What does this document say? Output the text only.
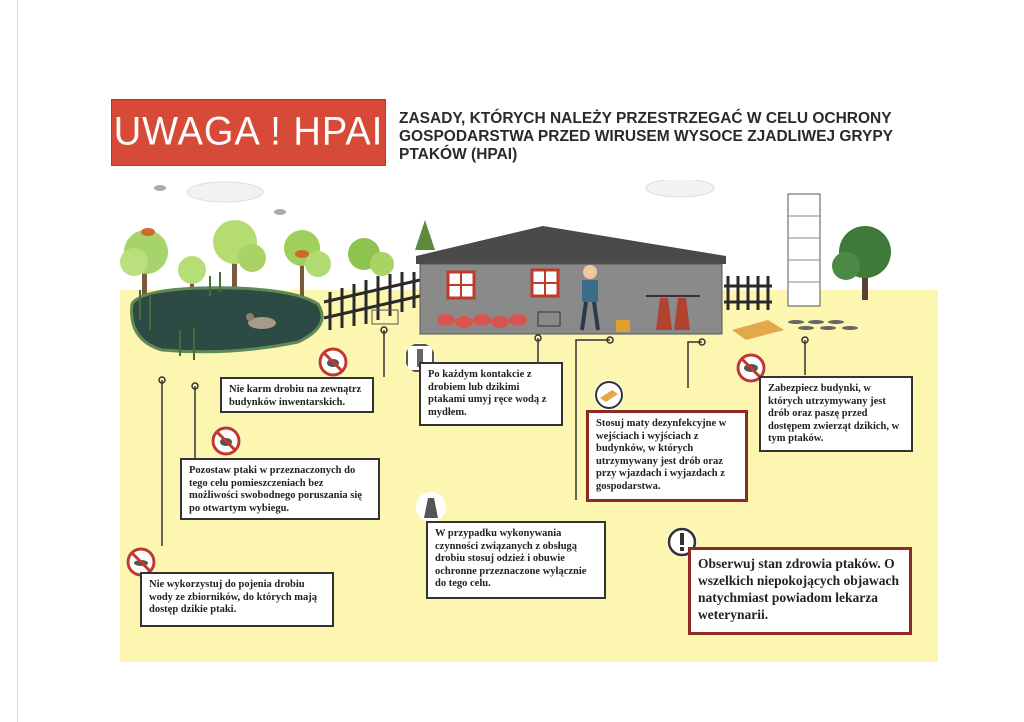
UWAGA ! HPAI ZASADY, KTÓRYCH NALEŻY PRZESTRZEGAĆ W CELU OCHRONY GOSPODARSTWA PRZED WIRUSEM WYSOCE ZJADLIWEJ GRYPY PTAKÓW (HPAI)
Nie karm drobiu na zewnątrz budynków inwentarskich.
Po każdym kontakcie z drobiem lub dzikimi ptakami umyj ręce wodą z mydłem.
Stosuj maty dezynfekcyjne w wejściach i wyjściach z budynków, w których utrzymywany jest drób oraz przy wjazdach i wyjazdach z gospodarstwa.
Zabezpiecz budynki, w których utrzymywany jest drób oraz paszę przed dostępem zwierząt dzikich, w tym ptaków.
Pozostaw ptaki w przeznaczonych do tego celu pomieszczeniach bez możliwości swobodnego poruszania się po otwartym wybiegu.
W przypadku wykonywania czynności związanych z obsługą drobiu stosuj odzież i obuwie ochronne przeznaczone wyłącznie do tego celu.
Nie wykorzystuj do pojenia drobiu wody ze zbiorników, do których mają dostęp dzikie ptaki.
Obserwuj stan zdrowia ptaków. O wszelkich niepokojących objawach natychmiast powiadom lekarza weterynarii.
